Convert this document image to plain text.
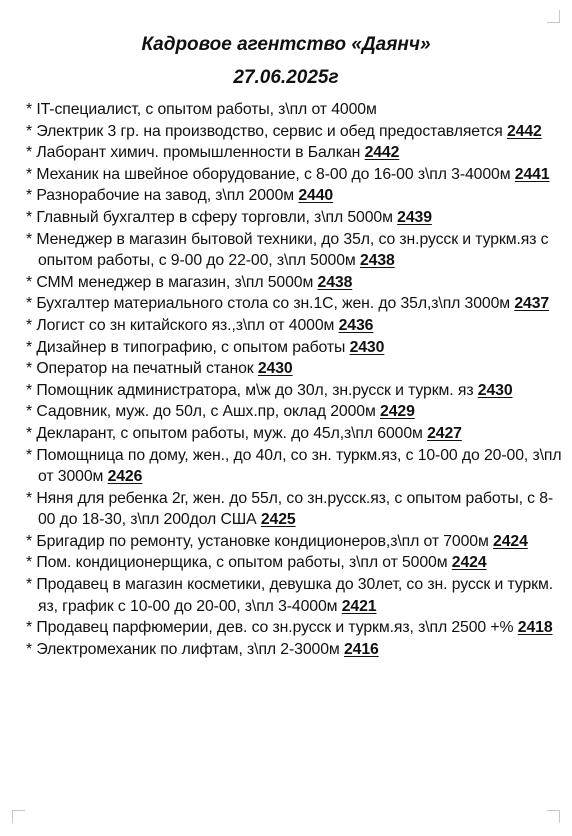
Кадровое агентство «Даянч»
27.06.2025г

* IT-специалист, с опытом работы, з\пл от 4000м

* Электрик 3 гр. на производство, сервис и обед предоставляется 2442

* Лаборант химич. промышленности в Балкан 2442

* Механик на швейное оборудование, с 8-00 до 16-00 з\пл 3-4000м 2441

* Разнорабочие на завод, з\пл 2000м 2440

* Главный бухгалтер в сферу торговли, з\пл 5000м 2439

* Менеджер в магазин бытовой техники, до 35л, со зн.русск и туркм.яз с опытом работы, с 9-00 до 22-00, з\пл 5000м 2438

* СММ менеджер в магазин, з\пл 5000м 2438

* Бухгалтер материального стола со зн.1С, жен. до 35л,з\пл 3000м 2437

* Логист со зн китайского яз.,з\пл от 4000м 2436

* Дизайнер в типографию, с опытом работы 2430

* Оператор на печатный станок 2430

* Помощник администратора, м\ж до 30л, зн.русск и туркм. яз 2430

* Садовник, муж. до 50л, с Ашх.пр, оклад 2000м 2429

* Декларант, с опытом работы, муж. до 45л,з\пл 6000м 2427

* Помощница по дому, жен., до 40л, со зн. туркм.яз, с 10-00 до 20-00, з\пл от 3000м 2426

* Няня для ребенка 2г, жен. до 55л, со зн.русск.яз, с опытом работы, с 8-00 до 18-30, з\пл 200дол США 2425

* Бригадир по ремонту, установке кондиционеров,з\пл от 7000м 2424

* Пом. кондиционерщика, с опытом работы, з\пл от 5000м 2424

* Продавец в магазин косметики, девушка до 30лет, со зн. русск и туркм. яз, график с 10-00 до 20-00, з\пл 3-4000м 2421

* Продавец парфюмерии, дев. со зн.русск и туркм.яз, з\пл 2500 +% 2418

* Электромеханик по лифтам, з\пл 2-3000м 2416
